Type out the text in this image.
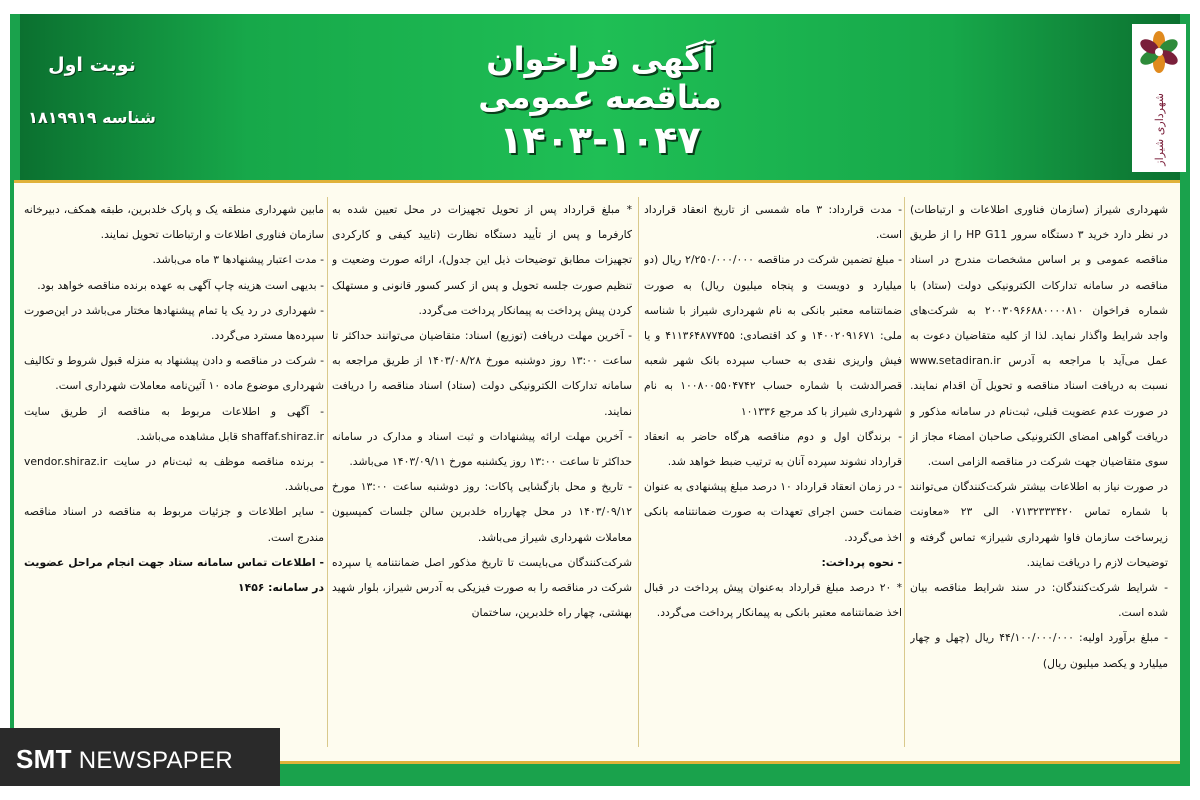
شهرداری شیراز
آگهی فراخوان مناقصه عمومی
۱۴۰۳-۱۰۴۷
نوبت اول
شناسه ۱۸۱۹۹۱۹

شهرداری شیراز (سازمان فناوری اطلاعات و ارتباطات) در نظر دارد خرید ۳ دستگاه سرور HP G11 را از طریق مناقصه عمومی و بر اساس مشخصات مندرج در اسناد مناقصه در سامانه تدارکات الکترونیکی دولت (ستاد) با شماره فراخوان ۲۰۰۳۰۹۶۶۸۸۰۰۰۰۸۱۰ به شرکت‌های واجد شرایط واگذار نماید. لذا از کلیه متقاضیان دعوت به عمل می‌آید با مراجعه به آدرس www.setadiran.ir نسبت به دریافت اسناد مناقصه و تحویل آن اقدام نمایند. در صورت عدم عضویت قبلی، ثبت‌نام در سامانه مذکور و دریافت گواهی امضای الکترونیکی صاحبان امضاء مجاز از سوی متقاضیان جهت شرکت در مناقصه الزامی است.

در صورت نیاز به اطلاعات بیشتر شرکت‌کنندگان می‌توانند با شماره تماس ۰۷۱۳۲۳۳۳۴۲۰ الی ۲۳ «معاونت زیرساخت سازمان فاوا شهرداری شیراز» تماس گرفته و توضیحات لازم را دریافت نمایند.

- شرایط شرکت‌کنندگان: در سند شرایط مناقصه بیان شده است.

- مبلغ برآورد اولیه: ۴۴/۱۰۰/۰۰۰/۰۰۰ ریال (چهل و چهار میلیارد و یکصد میلیون ریال)

- مدت قرارداد: ۳ ماه شمسی از تاریخ انعقاد قرارداد است.

- مبلغ تضمین شرکت در مناقصه ۲/۲۵۰/۰۰۰/۰۰۰ ریال (دو میلیارد و دویست و پنجاه میلیون ریال) به صورت ضمانتنامه معتبر بانکی به نام شهرداری شیراز با شناسه ملی: ۱۴۰۰۲۰۹۱۶۷۱ و کد اقتصادی: ۴۱۱۳۶۴۸۷۷۴۵۵ و یا فیش واریزی نقدی به حساب سپرده بانک شهر شعبه قصرالدشت با شماره حساب ۱۰۰۸۰۰۵۵۰۴۷۴۲ به نام شهرداری شیراز با کد مرجع ۱۰۱۳۳۶

- برندگان اول و دوم مناقصه هرگاه حاضر به انعقاد قرارداد نشوند سپرده آنان به ترتیب ضبط خواهد شد.

- در زمان انعقاد قرارداد ۱۰ درصد مبلغ پیشنهادی به عنوان ضمانت حسن اجرای تعهدات به صورت ضمانتنامه بانکی اخذ می‌گردد.

- نحوه پرداخت:

* ۲۰ درصد مبلغ قرارداد به‌عنوان پیش پرداخت در قبال اخذ ضمانتنامه معتبر بانکی به پیمانکار پرداخت می‌گردد.

* مبلغ قرارداد پس از تحویل تجهیزات در محل تعیین شده به کارفرما و پس از تأیید دستگاه نظارت (تایید کیفی و کارکردی تجهیزات مطابق توضیحات ذیل این جدول)، ارائه صورت وضعیت و تنظیم صورت جلسه تحویل و پس از کسر کسور قانونی و مستهلک کردن پیش پرداخت به پیمانکار پرداخت می‌گردد.

- آخرین مهلت دریافت (توزیع) اسناد: متقاضیان می‌توانند حداکثر تا ساعت ۱۳:۰۰ روز دوشنبه مورخ ۱۴۰۳/۰۸/۲۸ از طریق مراجعه به سامانه تدارکات الکترونیکی دولت (ستاد) اسناد مناقصه را دریافت نمایند.

- آخرین مهلت ارائه پیشنهادات و ثبت اسناد و مدارک در سامانه حداکثر تا ساعت ۱۳:۰۰ روز یکشنبه مورخ ۱۴۰۳/۰۹/۱۱ می‌باشد.

- تاریخ و محل بازگشایی پاکات: روز دوشنبه ساعت ۱۳:۰۰ مورخ ۱۴۰۳/۰۹/۱۲ در محل چهارراه خلدبرین سالن جلسات کمیسیون معاملات شهرداری شیراز می‌باشد.

شرکت‌کنندگان می‌بایست تا تاریخ مذکور اصل ضمانتنامه یا سپرده شرکت در مناقصه را به صورت فیزیکی به آدرس شیراز، بلوار شهید بهشتی، چهار راه خلدبرین، ساختمان

مابین شهرداری منطقه یک و پارک خلدبرین، طبقه همکف، دبیرخانه سازمان فناوری اطلاعات و ارتباطات تحویل نمایند.

- مدت اعتبار پیشنهادها ۳ ماه می‌باشد.

- بدیهی است هزینه چاپ آگهی به عهده برنده مناقصه خواهد بود.

- شهرداری در رد یک یا تمام پیشنهادها مختار می‌باشد در این‌صورت سپرده‌ها مسترد می‌گردد.

- شرکت در مناقصه و دادن پیشنهاد به منزله قبول شروط و تکالیف شهرداری موضوع ماده ۱۰ آئین‌نامه معاملات شهرداری است.

- آگهی و اطلاعات مربوط به مناقصه از طریق سایت shaffaf.shiraz.ir قابل مشاهده می‌باشد.

- برنده مناقصه موظف به ثبت‌نام در سایت vendor.shiraz.ir می‌باشد.

- سایر اطلاعات و جزئیات مربوط به مناقصه در اسناد مناقصه مندرج است.

- اطلاعات تماس سامانه ستاد جهت انجام مراحل عضویت در سامانه: ۱۴۵۶

SMT NEWSPAPER
